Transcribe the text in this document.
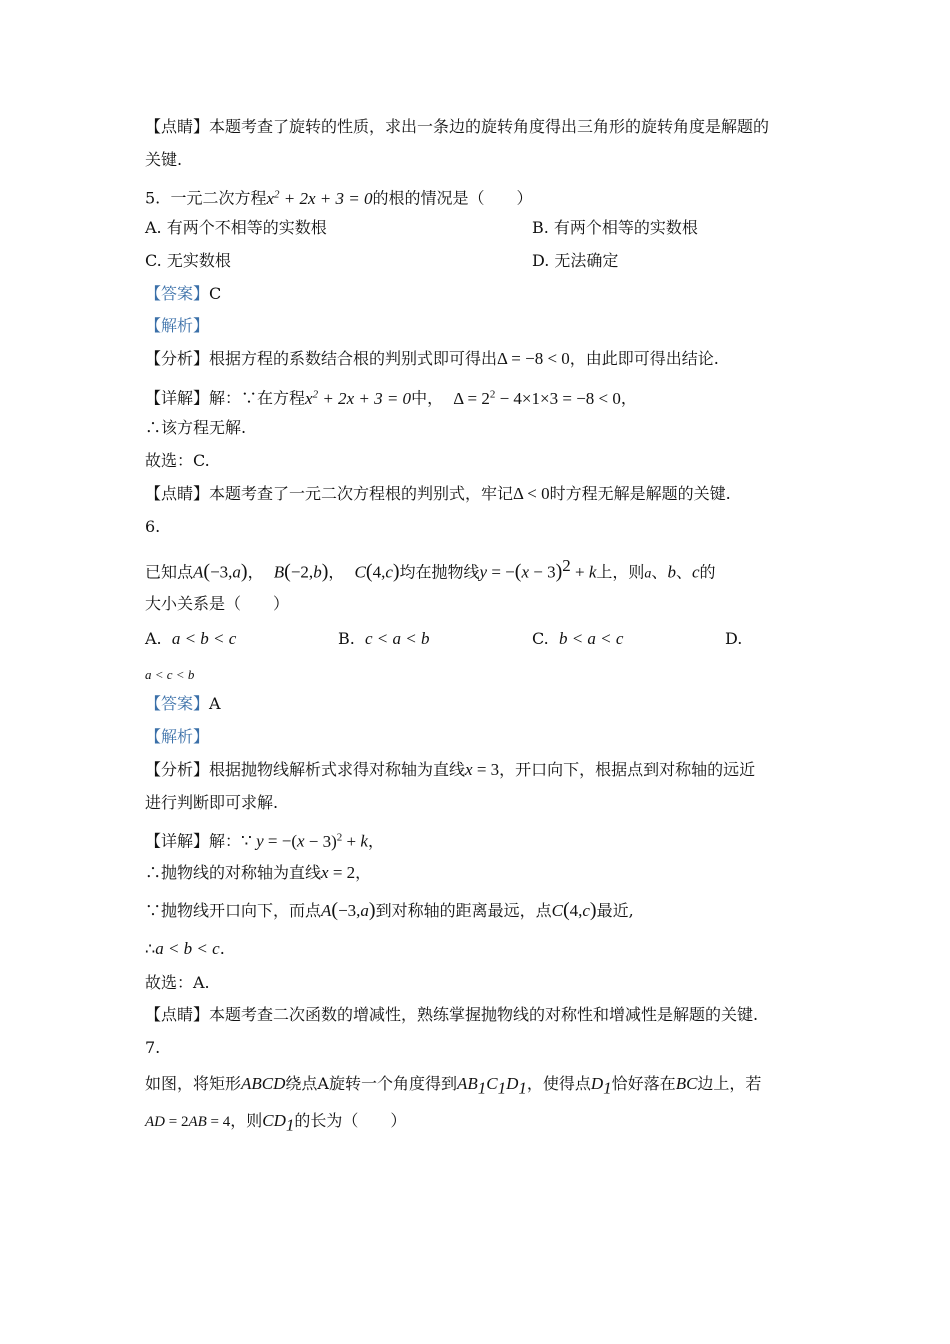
【点睛】本题考查了旋转的性质，求出一条边的旋转角度得出三角形的旋转角度是解题的
关键.
5. 一元二次方程$x^2 + 2x + 3 = 0$的根的情况是（　　）
A. 有两个不相等的实数根	B. 有两个相等的实数根
C. 无实数根	D. 无法确定
【答案】C
【解析】
【分析】根据方程的系数结合根的判别式即可得出Δ = −8 < 0，由此即可得出结论.
【详解】解：∵在方程$x^2 + 2x + 3 = 0$中， $\Delta = 2^2 - 4\times 1\times 3 = -8 < 0$，
∴该方程无解.
故选：C.
【点睛】本题考查了一元二次方程根的判别式，牢记Δ < 0时方程无解是解题的关键.
6.
已知点A(−3,a)， B(−2,b)， C(4,c)均在抛物线$y = -(x - 3)^2 + k$上，则a、b、c的
大小关系是（　　）
A. a < b < c	B. c < a < b	C. b < a < c	D.
a < c < b
【答案】A
【解析】
【分析】根据抛物线解析式求得对称轴为直线x = 3，开口向下，根据点到对称轴的远近
进行判断即可求解.
【详解】解：∵ $y = -(x - 3)^2 + k$，
∴抛物线的对称轴为直线x = 2，
∵抛物线开口向下，而点A(−3,a)到对称轴的距离最远，点C(4,c)最近,
∴a < b < c.
故选：A.
【点睛】本题考查二次函数的增减性，熟练掌握抛物线的对称性和增减性是解题的关键.
7.
如图，将矩形ABCD绕点A旋转一个角度得到$AB_1C_1D_1$，使得点$D_1$恰好落在BC边上，若
AD = 2AB = 4，则$CD_1$的长为（　　）
